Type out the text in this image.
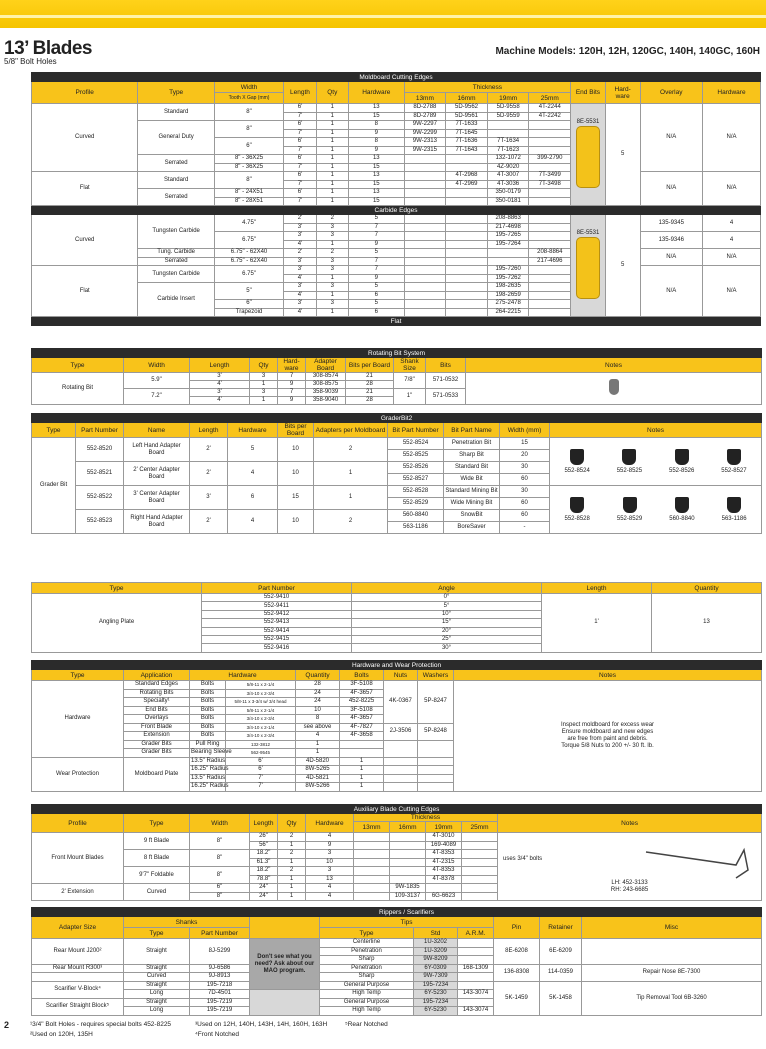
13’ Blades
5/8" Bolt Holes
Machine Models: 120H, 12H, 120GC, 140H, 140GC, 160H
Moldboard Cutting Edges													
Profile	Type	Width	Length	Qty	Hardware	Thickness				End Bits	Hard-
ware	Overlay	Hardware
		Tooth X Gap (mm)				13mm	16mm	19mm	25mm				
Curved	Standard	8"	6'	1	13	8D-2788	5D-9562	5D-9558	4T-2244	8E-5531	5	N/A	N/A
			7'	1	15	8D-2789	5D-9561	5D-9559	4T-2242				
	General Duty	8"	6'	1	8	9W-2297	7T-1633						
			7'	1	9	9W-2299	7T-1645						
		6"	6'	1	8	9W-2313	7T-1636	7T-1634					
			7'	1	9	9W-2315	7T-1643	7T-1623					
	Serrated	8" - 36X25	6'	1	13			132-1072	399-2790				
		8" - 36X25	7'	1	15			4Z-9020					
Flat	Standard	8"	6'	1	13		4T-2968	4T-3007	7T-3499			N/A	N/A
			7'	1	15		4T-2969	4T-3036	7T-3498				
	Serrated	8" - 24X51	6'	1	13			350-0179					
		8" - 28X51	7'	1	15			350-0181					
Carbide Edges													
Curved	Tungsten Carbide	4.75"	2'	2	5			208-8863		8E-5531	5	135-9345	4
			3'	3	7			217-4698					
		6.75"	3'	3	7			195-7265				135-9346	4
			4'	1	9			195-7264					
	Tung. Carbide	6.75" - 62X40	2'	2	5				208-8864			N/A	N/A
	Serrated	6.75" - 62X40	3'	3	7				217-4696				
Flat	Tungsten Carbide	6.75"	3'	3	7			195-7260				N/A	N/A
			4'	1	9			195-7262					
	Carbide Insert	5"	3'	3	5			198-2635					
			4'	1	6			198-2659					
		6"	3'	3	5			275-2478					
		Trapezoid	4'	1	6			264-2215					
Flat													
Rotating Bit System									
Type	Width	Length	Qty	Hard-
ware	Adapter Board	Bits per Board	Shank Size	Bits	Notes
Rotating Bit	5.9"	3'	3	7	308-8574	21	7/8"	571-0532	
		4'	1	9	308-8575	28			
	7.2"	3'	3	7	358-9039	21	1"	571-0533	
		4'	1	9	358-9040	28			
GraderBit2										
Type	Part Number	Name	Length	Hardware	Bits per Board	Adapters per Moldboard	Bit Part Number	Bit Part Name	Width (mm)	Notes
Grader Bit	552-8520	Left Hand Adapter Board	2'	5	10	2	552-8524	Penetration Bit	15	552-8524 552-8525 552-8526 552-8527

							552-8525	Sharp Bit	20	
	552-8521	2' Center Adapter Board	2'	4	10	1	552-8526	Standard Bit	30	
							552-8527	Wide Bit	60	
	552-8522	3' Center Adapter Board	3'	6	15	1	552-8528	Standard Mining Bit	30	552-8528 552-8529 560-8840 563-1186

							552-8529	Wide Mining Bit	60	
	552-8523	Right Hand Adapter Board	2'	4	10	2	560-8840	SnowBit	60	
							563-1186	BoreSaver	-	
Type	Part Number	Angle	Length	Quantity
Angling Plate	552-9410	0°	1'	13
	552-9411	5°		
	552-9412	10°		
	552-9413	15°		
	552-9414	20°		
	552-9415	25°		
	552-9416	30°		
Hardware and Wear Protection								
Type	Application	Hardware		Quantity	Bolts	Nuts	Washers	Notes
Hardware	Standard Edges	Bolts	5/8-11 x 2-1/4	28	3F-5108	4K-0367	5P-8247	Inspect moldboard for excess wear
Ensure moldboard and new edges
are free from paint and debris.
Torque 5/8 Nuts to 200 +/- 30 ft. lb.

	Rotating Bits	Bolts	3/4-10 x 2-3/4	24	4F-3657			
	Specialty¹	Bolts	5/8-11 x 3-3/4 w/ 3/4 head	24	452-8225			
	End Bits	Bolts	5/8-11 x 2-1/4	10	3F-5108			
	Overlays	Bolts	3/4-10 x 2-3/4	8	4F-3657			
	Front Blade	Bolts	3/4-10 x 2-1/4	see above	4F-7827	2J-3506	5P-8248	
	Extension	Bolts	3/4-10 x 2-3/4	4	4F-3658			
	Grader Bits	Pull Ring	132-3812	1				
	Grader Bits	Bearing Sleeve	562-9545	1				
Wear Protection	Moldboard Plate	13.5" Radius	6'	4D-5820	1			
		16.25" Radius	6'	8W-5265	1			
		13.5" Radius	7'	4D-5821	1			
		16.25" Radius	7'	8W-5266	1			
Auxiliary Blade Cutting Edges										
Profile	Type	Width	Length	Qty	Hardware	Thickness				Notes
						13mm	16mm	19mm	25mm	
Front Mount Blades	9 ft Blade	8"	26"	2	4			4T-3010		uses 3/4" bolts
LH: 452-3133
RH: 243-6685

			56"	1	9			169-4089		
	8 ft Blade	8"	18.2"	2	3			4T-8353		
			61.3"	1	10			4T-2315		
	9'7" Foldable	8"	18.2"	2	3			4T-8353		
			78.8"	1	13			4T-8378		
2' Extension	Curved	6"	24"	1	4		9W-1835			
		8"	24"	1	4		109-3137	6G-6623		
				Rippers / Scarifiers					
Adapter Size	Shanks			Tips			Pin	Retainer	Misc
	Type	Part Number		Type	Std	A.R.M.			
Rear Mount J200²	Straight	8J-5299	Don't see what you need? Ask about our MAO program.	Centerline	1U-3202		8E-6208	6E-6209	
				Penetration	1U-3209				
				Sharp	9W-8209				
Rear Mount R300³	Straight	9J-6586		Penetration	6Y-0309	168-1309	136-8308	114-0359	Repair Nose 8E-7300
	Curved	9J-8913		Sharp	9W-7309				
Scarifier V-Block⁴	Straight	195-7218		General Purpose	195-7234		5K-1459	5K-1458	Tip Removal Tool 6B-3260
	Long	7D-4501		High Temp	6Y-5230	143-3074			
Scarifier Straight Block⁵	Straight	195-7219		General Purpose	195-7234				
	Long	195-7219		High Temp	6Y-5230	143-3074			
2	¹3/4" Bolt Holes - requires special bolts 452-8225
²Used on 120H, 135H
³Used on 12H, 140H, 143H, 14H, 160H, 163H
⁴Front Notched
⁵Rear Notched
